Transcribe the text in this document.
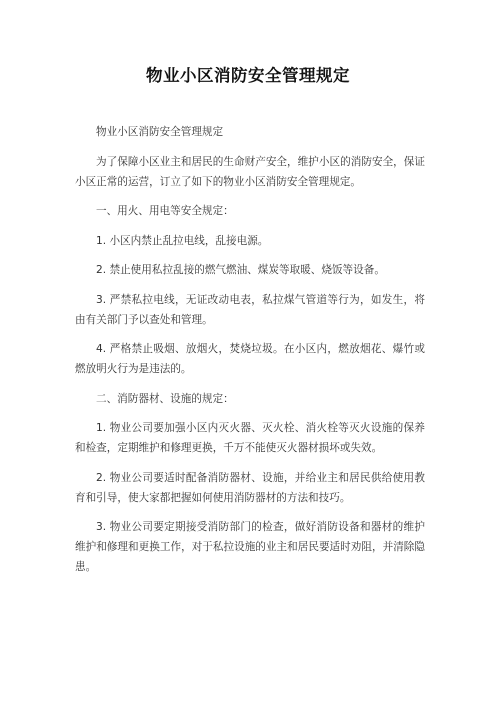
物业小区消防安全管理规定

物业小区消防安全管理规定

为了保障小区业主和居民的生命财产安全，维护小区的消防安全，保证小区正常的运营，订立了如下的物业小区消防安全管理规定。

一、用火、用电等安全规定：

1. 小区内禁止乱拉电线，乱接电源。

2. 禁止使用私拉乱接的燃气燃油、煤炭等取暖、烧饭等设备。

3. 严禁私拉电线，无证改动电表，私拉煤气管道等行为，如发生，将由有关部门予以查处和管理。

4. 严格禁止吸烟、放烟火，焚烧垃圾。在小区内，燃放烟花、爆竹或燃放明火行为是违法的。

二、消防器材、设施的规定：

1. 物业公司要加强小区内灭火器、灭火栓、消火栓等灭火设施的保养和检查，定期维护和修理更换，千万不能使灭火器材损坏或失效。

2. 物业公司要适时配备消防器材、设施，并给业主和居民供给使用教育和引导，使大家都把握如何使用消防器材的方法和技巧。

3. 物业公司要定期接受消防部门的检查，做好消防设备和器材的维护维护和修理和更换工作，对于私拉设施的业主和居民要适时劝阻，并清除隐患。
